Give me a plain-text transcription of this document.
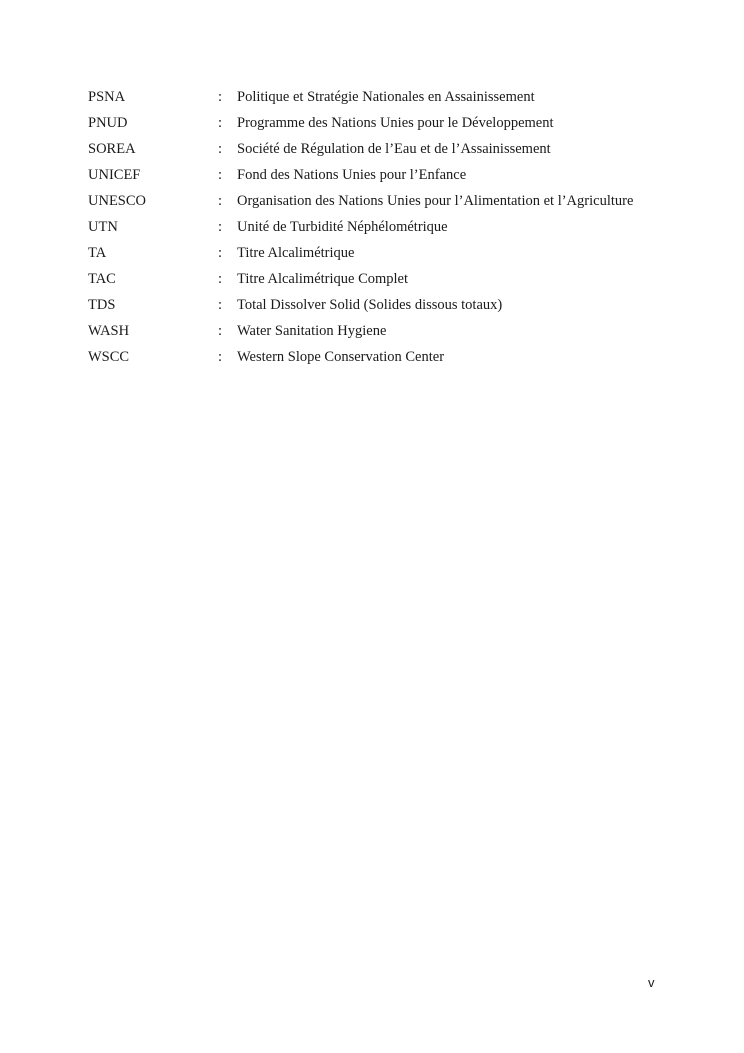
PSNA	:	Politique et Stratégie Nationales en Assainissement
PNUD	:	Programme des Nations Unies pour le Développement
SOREA	:	Société de Régulation de l’Eau et de l’Assainissement
UNICEF	:	Fond des Nations Unies pour l’Enfance
UNESCO	:	Organisation des Nations Unies pour l’Alimentation et l’Agriculture
UTN	:	Unité de Turbidité Néphélométrique
TA	:	Titre Alcalimétrique
TAC	:	Titre Alcalimétrique Complet
TDS	:	Total Dissolver Solid (Solides dissous totaux)
WASH	:	Water Sanitation Hygiene
WSCC	:	Western Slope Conservation Center
v
